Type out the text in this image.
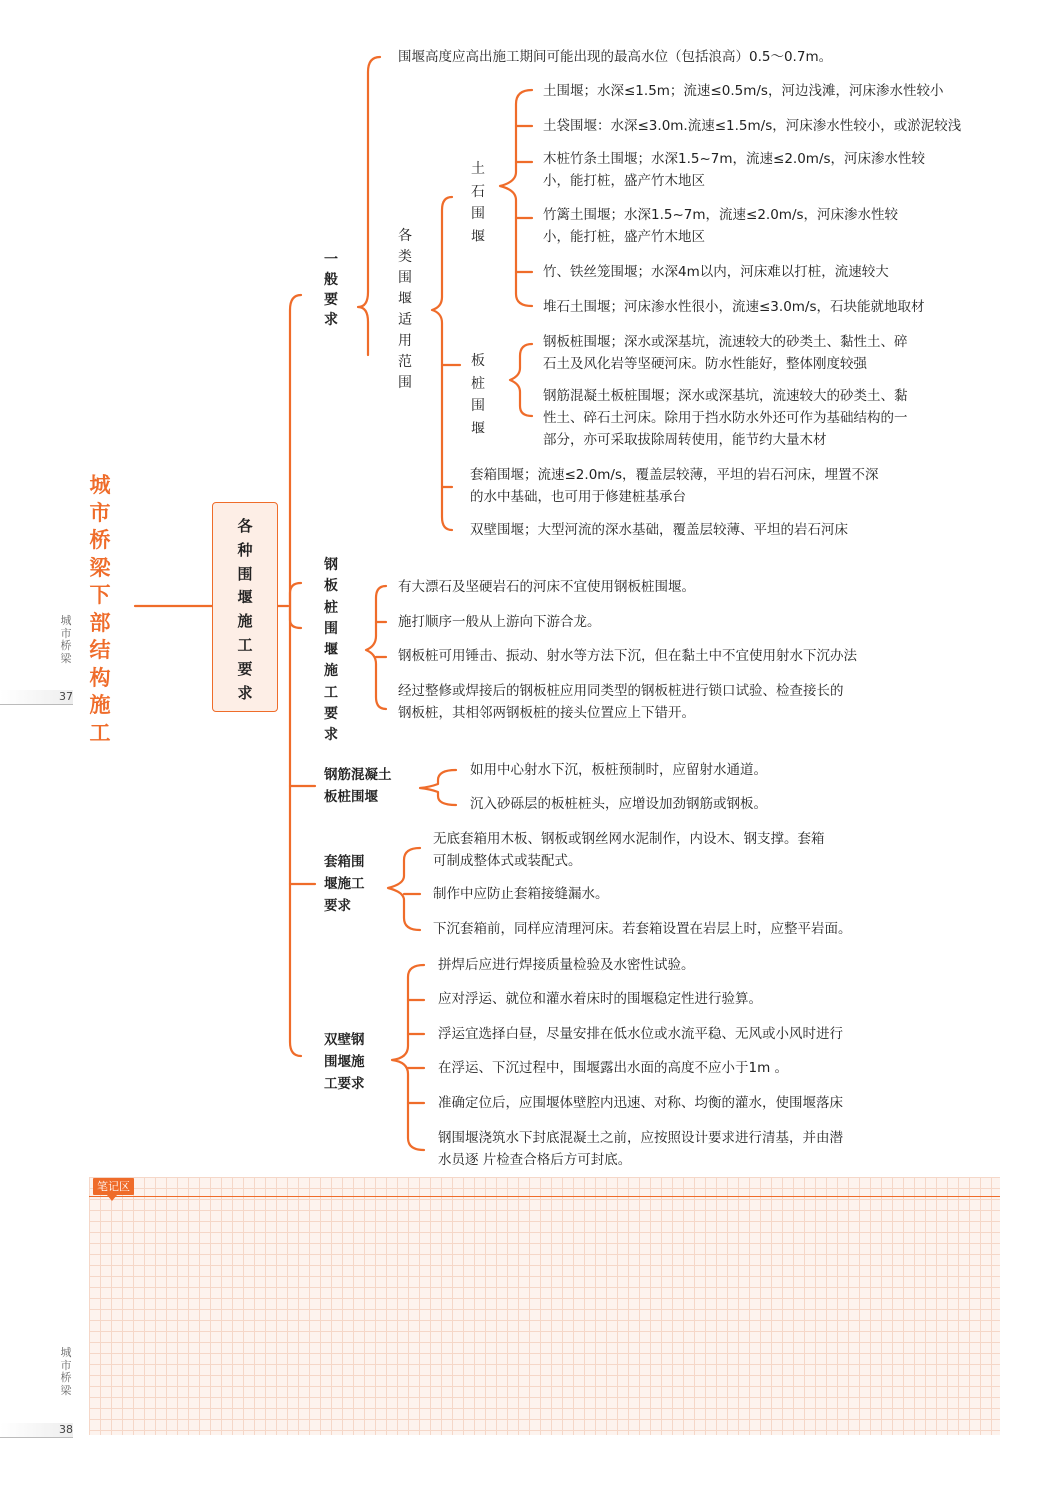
城市桥梁下部结构施工
各种围堰施工要求
城市桥梁
37
城市桥梁
38
一般要求
围堰高度应高出施工期间可能出现的最高水位（包括浪高）0.5～0.7m。
各类围堰适用范围
土石围堰
土围堰；水深≤1.5m；流速≤0.5m/s，河边浅滩，河床渗水性较小
土袋围堰：水深≤3.0m.流速≤1.5m/s，河床渗水性较小，或淤泥较浅
木桩竹条土围堰；水深1.5~7m，流速≤2.0m/s，河床渗水性较
小，能打桩，盛产竹木地区
竹篱土围堰；水深1.5~7m，流速≤2.0m/s，河床渗水性较
小，能打桩，盛产竹木地区
竹、铁丝笼围堰；水深4m以内，河床难以打桩，流速较大
堆石土围堰；河床渗水性很小，流速≤3.0m/s，石块能就地取材
板桩围堰
钢板桩围堰；深水或深基坑，流速较大的砂类土、黏性土、碎
石土及风化岩等坚硬河床。防水性能好，整体刚度较强
钢筋混凝土板桩围堰；深水或深基坑，流速较大的砂类土、黏
性土、碎石土河床。除用于挡水防水外还可作为基础结构的一
部分，亦可采取拔除周转使用，能节约大量木材
套箱围堰；流速≤2.0m/s，覆盖层较薄，平坦的岩石河床，埋置不深
的水中基础，也可用于修建桩基承台
双壁围堰；大型河流的深水基础，覆盖层较薄、平坦的岩石河床
钢板桩围堰施工要求
有大漂石及坚硬岩石的河床不宜使用钢板桩围堰。
施打顺序一般从上游向下游合龙。
钢板桩可用锤击、振动、射水等方法下沉，但在黏土中不宜使用射水下沉办法
经过整修或焊接后的钢板桩应用同类型的钢板桩进行锁口试验、检查接长的
钢板桩，其相邻两钢板桩的接头位置应上下错开。
钢筋混凝土
板桩围堰
如用中心射水下沉，板桩预制时，应留射水通道。
沉入砂砾层的板桩桩头，应增设加劲钢筋或钢板。
套箱围
堰施工
要求
无底套箱用木板、钢板或钢丝网水泥制作，内设木、钢支撑。套箱
可制成整体式或装配式。
制作中应防止套箱接缝漏水。
下沉套箱前，同样应清理河床。若套箱设置在岩层上时，应整平岩面。
双壁钢
围堰施
工要求
拼焊后应进行焊接质量检验及水密性试验。
应对浮运、就位和灌水着床时的围堰稳定性进行验算。
浮运宜选择白昼，尽量安排在低水位或水流平稳、无风或小风时进行
在浮运、下沉过程中，围堰露出水面的高度不应小于1m 。
准确定位后，应围堰体壁腔内迅速、对称、均衡的灌水，使围堰落床
钢围堰浇筑水下封底混凝土之前，应按照设计要求进行清基，并由潜
水员逐 片检查合格后方可封底。
笔记区
